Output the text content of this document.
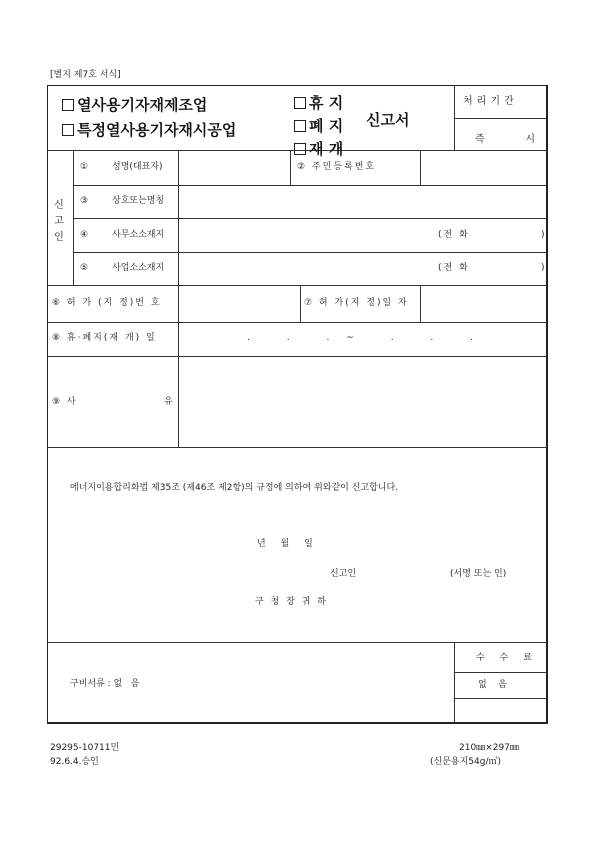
[별지 제7호 서식]
열사용기자재제조업
특정열사용기자재시공업
휴 지
폐 지
재 개
신고서
처리기간
즉	시
신
고
인
①	성명(대표자)	② 주민등록번호
③	상호또는명칭
④	사무소소재지	(전 화	)
⑤	사업소소재지	(전 화	)
⑥ 허 가 (지 정)번 호	⑦ 허 가(지 정)일 자
⑧ 휴·폐지(재 개) 일	. . .~ . . .
⑨ 사	유
에너지이용합리화법 제35조 (제46조 제2항)의 규정에 의하여 위와같이 신고합니다.
년 월 일
신고인	(서명 또는 인)
구 청 장 귀 하
구비서류 : 없   음
수 수 료
없    음
29295-10711민
92.6.4.승인
210㎜×297㎜
(신문용지54g/㎡)
